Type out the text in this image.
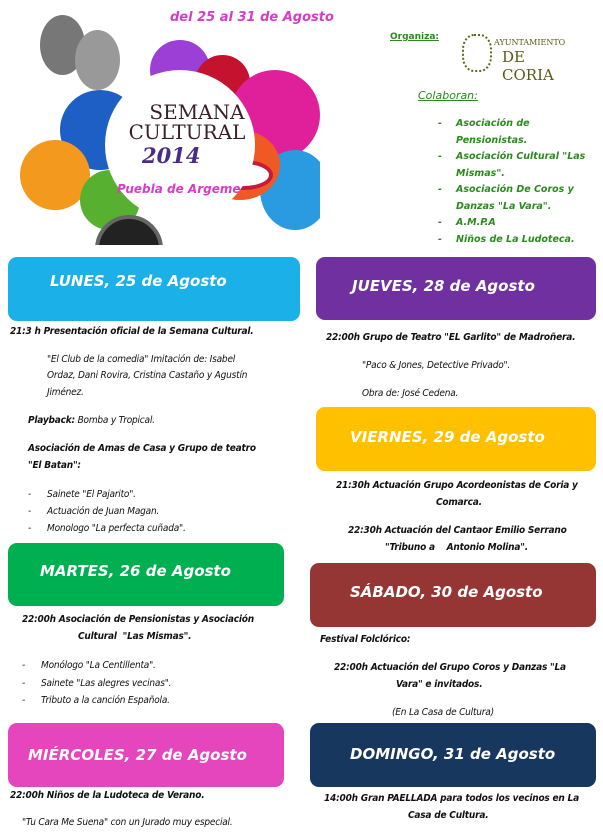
del 25 al 31 de Agosto
SEMANA
CULTURAL
2014
Puebla de Argeme
Organiza:
AYUNTAMIENTO
DE CORIA
Colaboran:
- Asociación de Pensionistas.
- Asociación Cultural "Las Mismas".
- Asociación De Coros y Danzas "La Vara".
- A.M.P.A
- Niños de La Ludoteca.
LUNES, 25 de Agosto
21:3 h Presentación oficial de la Semana Cultural.
"El Club de la comedia" Imitación de: Isabel
Ordaz, Dani Rovira, Cristina Castaño y Agustín
Jiménez.
Playback: Bomba y Tropical.
Asociación de Amas de Casa y Grupo de teatro
"El Batan":
-      Sainete "El Pajarito".
-      Actuación de Juan Magan.
-      Monologo "La perfecta cuñada".
JUEVES, 28 de Agosto
22:00h Grupo de Teatro "EL Garlito" de Madroñera.
"Paco & Jones, Detective Privado".
Obra de: José Cedena.
VIERNES, 29 de Agosto
21:30h Actuación Grupo Acordeonistas de Coria y
Comarca.
22:30h Actuación del Cantaor Emilio Serrano
"Tribuno a    Antonio Molina".
MARTES, 26 de Agosto
22:00h Asociación de Pensionistas y Asociación
Cultural  "Las Mismas".
-      Monólogo "La Centillenta".
-      Sainete "Las alegres vecinas".
-      Tributo a la canción Española.
SÁBADO, 30 de Agosto
Festival Folclórico:
22:00h Actuación del Grupo Coros y Danzas "La
Vara" e invitados.
(En La Casa de Cultura)
MIÉRCOLES, 27 de Agosto
22:00h Niños de la Ludoteca de Verano.
"Tu Cara Me Suena" con un Jurado muy especial.
DOMINGO, 31 de Agosto
14:00h Gran PAELLADA para todos los vecinos en La
Casa de Cultura.
